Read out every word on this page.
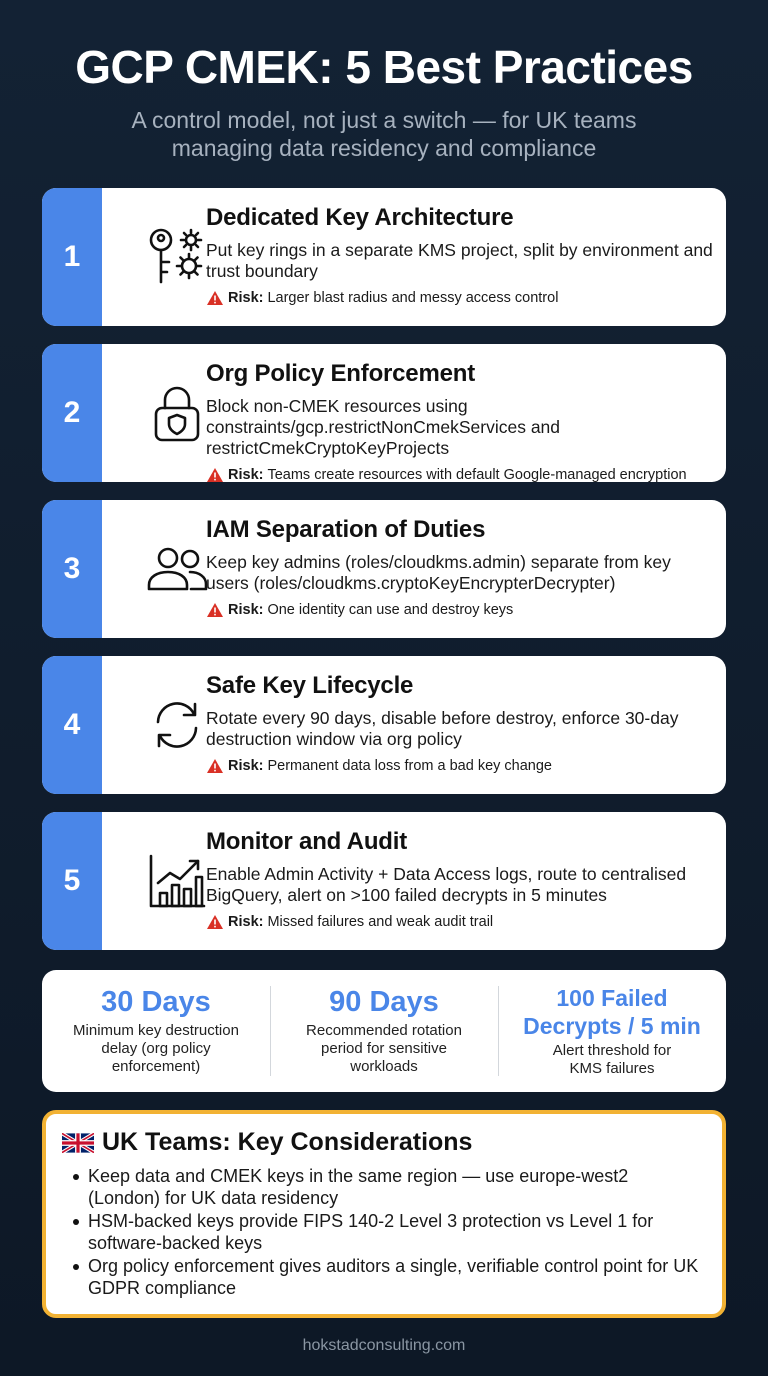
GCP CMEK: 5 Best Practices
A control model, not just a switch — for UK teams managing data residency and compliance
1
Dedicated Key Architecture
Put key rings in a separate KMS project, split by environment and trust boundary
Risk: Larger blast radius and messy access control
2
Org Policy Enforcement
Block non-CMEK resources using constraints/gcp.restrictNonCmekServices and restrictCmekCryptoKeyProjects
Risk: Teams create resources with default Google-managed encryption
3
IAM Separation of Duties
Keep key admins (roles/cloudkms.admin) separate from key users (roles/cloudkms.cryptoKeyEncrypterDecrypter)
Risk: One identity can use and destroy keys
4
Safe Key Lifecycle
Rotate every 90 days, disable before destroy, enforce 30-day destruction window via org policy
Risk: Permanent data loss from a bad key change
5
Monitor and Audit
Enable Admin Activity + Data Access logs, route to centralised BigQuery, alert on >100 failed decrypts in 5 minutes
Risk: Missed failures and weak audit trail
30 Days
Minimum key destruction delay (org policy enforcement)
90 Days
Recommended rotation period for sensitive workloads
100 Failed Decrypts / 5 min
Alert threshold for KMS failures
UK Teams: Key Considerations
Keep data and CMEK keys in the same region — use europe-west2 (London) for UK data residency
HSM-backed keys provide FIPS 140-2 Level 3 protection vs Level 1 for software-backed keys
Org policy enforcement gives auditors a single, verifiable control point for UK GDPR compliance
hokstadconsulting.com
